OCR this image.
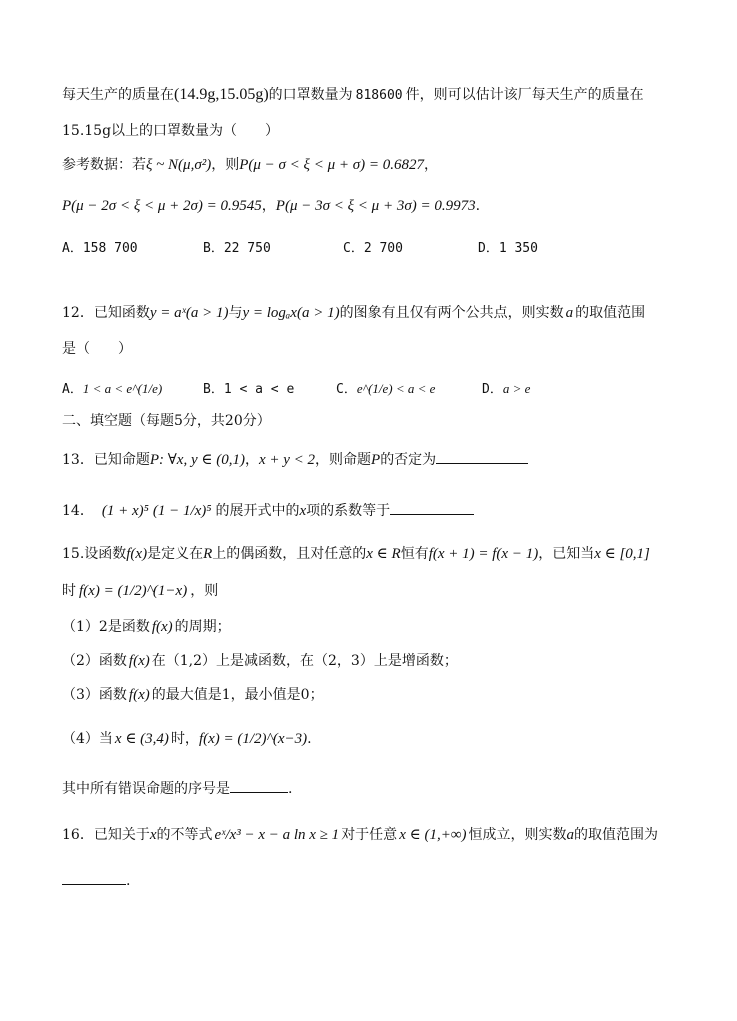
每天生产的质量在(14.9g,15.05g)的口罩数量为 818600 件，则可以估计该厂每天生产的质量在
15.15g以上的口罩数量为（　　）
参考数据：若ξ ~ N(μ,σ²)，则P(μ − σ < ξ < μ + σ) = 0.6827，
P(μ − 2σ < ξ < μ + 2σ) = 0.9545，P(μ − 3σ < ξ < μ + 3σ) = 0.9973.
A．158 700	B．22 750	C．2 700	D．1 350
12．已知函数y = aˣ(a > 1)与y = logₐx(a > 1)的图象有且仅有两个公共点，则实数 a 的取值范围
是（　　）
A．1 < a < e^(1/e)	B．1 < a < e	C．e^(1/e) < a < e	D．a > e
二、填空题（每题5分，共20分）
13．已知命题P: ∀x, y ∈ (0,1)，x + y < 2，则命题P的否定为
14． (1 + x)⁵ (1 − 1/x)⁵ 的展开式中的x项的系数等于
15.设函数f(x)是定义在R上的偶函数，且对任意的x ∈ R恒有f(x + 1) = f(x − 1)，已知当x ∈ [0,1]
时 f(x) = (1/2)^(1−x) ，则
（1）2是函数 f(x) 的周期；
（2）函数 f(x) 在（1,2）上是减函数，在（2，3）上是增函数；
（3）函数 f(x) 的最大值是1，最小值是0；
（4）当 x ∈ (3,4) 时，f(x) = (1/2)^(x−3).
其中所有错误命题的序号是	.
16．已知关于x的不等式 eˣ/x³ − x − a ln x ≥ 1 对于任意 x ∈ (1,+∞) 恒成立，则实数a的取值范围为
.
